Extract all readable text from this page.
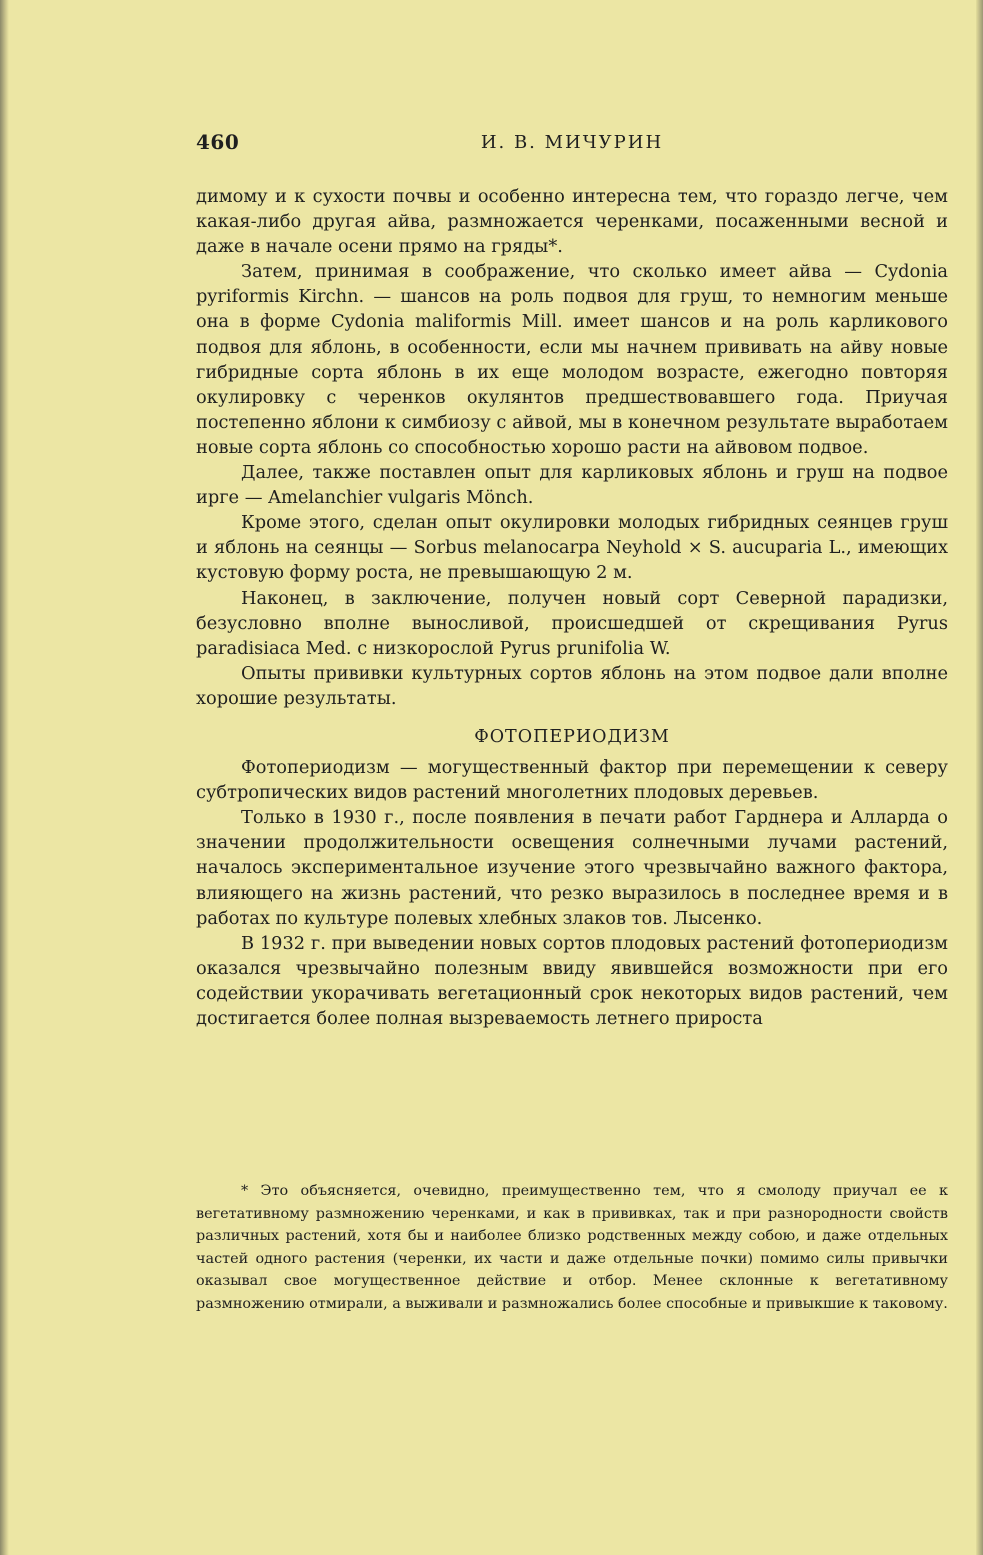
460	И. В. МИЧУРИН

димому и к сухости почвы и особенно интересна тем, что гораздо легче, чем какая-либо другая айва, размножается черенками, посаженными весной и даже в начале осени прямо на гряды*.

Затем, принимая в соображение, что сколько имеет айва — Cydonia pyriformis Kirchn. — шансов на роль подвоя для груш, то немногим меньше она в форме Cydonia maliformis Mill. имеет шансов и на роль карликового подвоя для яблонь, в особенности, если мы начнем прививать на айву новые гибридные сорта яблонь в их еще молодом возрасте, ежегодно повторяя окулировку с черенков окулянтов предшествовавшего года. Приучая постепенно яблони к симбиозу с айвой, мы в конечном результате выработаем новые сорта яблонь со способностью хорошо расти на айвовом подвое.

Далее, также поставлен опыт для карликовых яблонь и груш на подвое ирге — Amelanchier vulgaris Mönch.

Кроме этого, сделан опыт окулировки молодых гибридных сеянцев груш и яблонь на сеянцы — Sorbus melanocarpa Neyhold × S. aucuparia L., имеющих кустовую форму роста, не превышающую 2 м.

Наконец, в заключение, получен новый сорт Северной парадизки, безусловно вполне выносливой, происшедшей от скрещивания Pyrus paradisiaca Med. с низкорослой Pyrus prunifolia W.

Опыты прививки культурных сортов яблонь на этом подвое дали вполне хорошие результаты.

ФОТОПЕРИОДИЗМ

Фотопериодизм — могущественный фактор при перемещении к северу субтропических видов растений многолетних плодовых деревьев.

Только в 1930 г., после появления в печати работ Гарднера и Алларда о значении продолжительности освещения солнечными лучами растений, началось экспериментальное изучение этого чрезвычайно важного фактора, влияющего на жизнь растений, что резко выразилось в последнее время и в работах по культуре полевых хлебных злаков тов. Лысенко.

В 1932 г. при выведении новых сортов плодовых растений фотопериодизм оказался чрезвычайно полезным ввиду явившейся возможности при его содействии укорачивать вегетационный срок некоторых видов растений, чем достигается более полная вызреваемость летнего прироста

* Это объясняется, очевидно, преимущественно тем, что я смолоду приучал ее к вегетативному размножению черенками, и как в прививках, так и при разнородности свойств различных растений, хотя бы и наиболее близко родственных между собою, и даже отдельных частей одного растения (черенки, их части и даже отдельные почки) помимо силы привычки оказывал свое могущественное действие и отбор. Менее склонные к вегетативному размножению отмирали, а выживали и размножались более способные и привыкшие к таковому.
